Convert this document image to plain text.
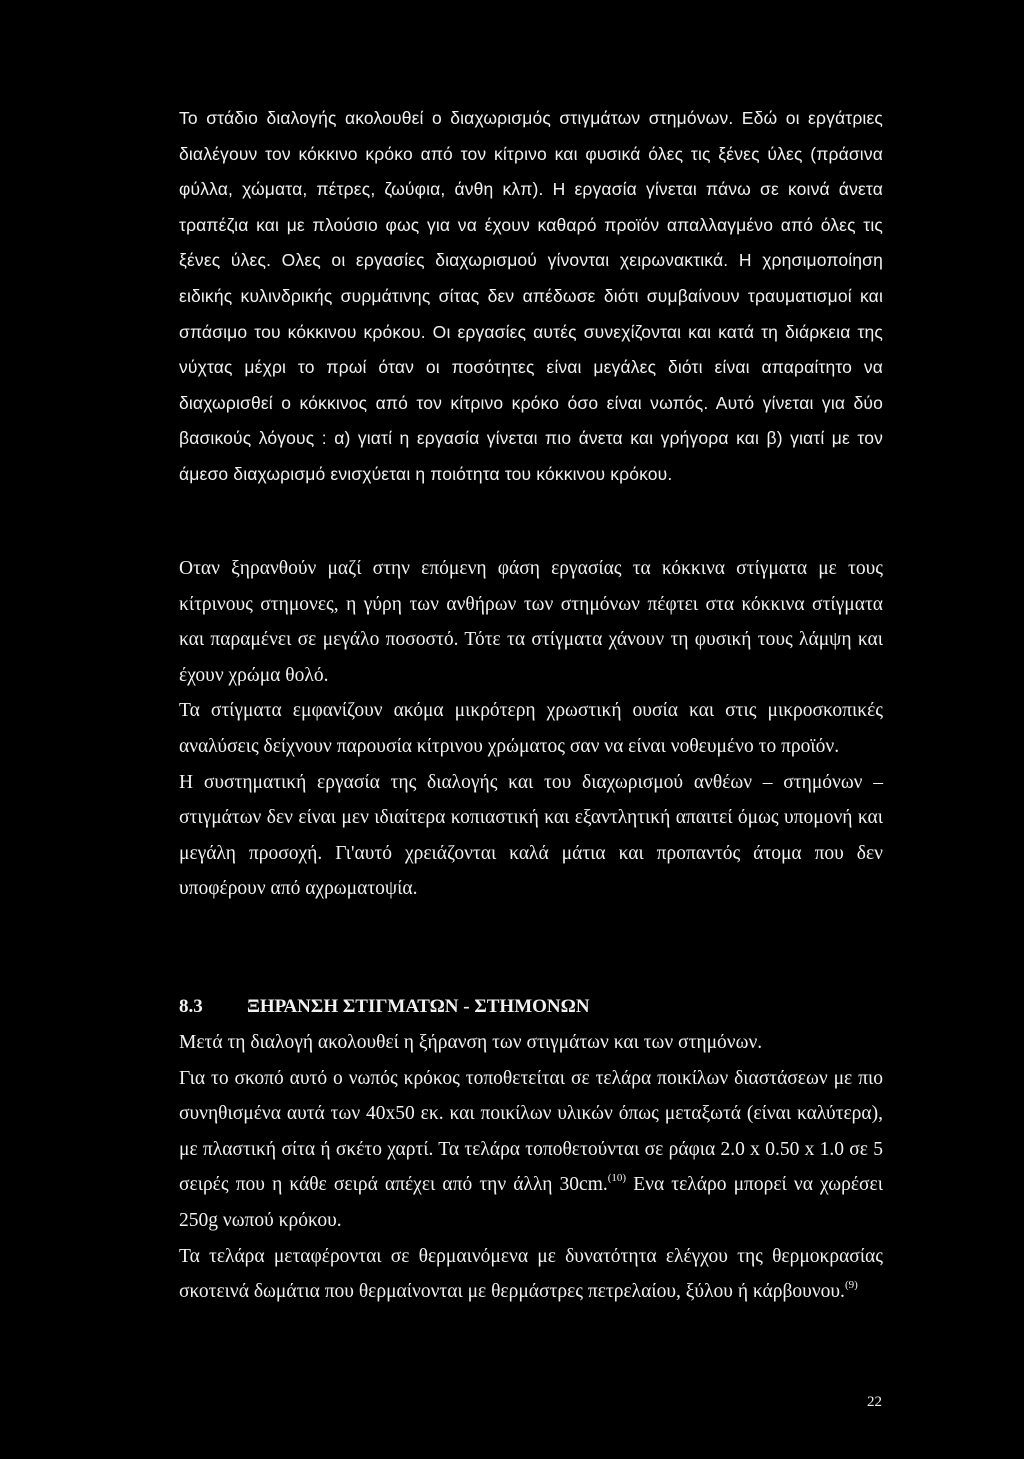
Το στάδιο διαλογής ακολουθεί ο διαχωρισμός στιγμάτων στημόνων. Εδώ οι εργάτριες διαλέγουν τον κόκκινο κρόκο από τον κίτρινο και φυσικά όλες τις ξένες ύλες (πράσινα φύλλα, χώματα, πέτρες, ζωύφια, άνθη κλπ). Η εργασία γίνεται πάνω σε κοινά άνετα τραπέζια και με πλούσιο φως για να έχουν καθαρό προϊόν απαλλαγμένο από όλες τις ξένες ύλες. Ολες οι εργασίες διαχωρισμού γίνονται χειρωνακτικά. Η χρησιμοποίηση ειδικής κυλινδρικής συρμάτινης σίτας δεν απέδωσε διότι συμβαίνουν τραυματισμοί και σπάσιμο του κόκκινου κρόκου. Οι εργασίες αυτές συνεχίζονται και κατά τη διάρκεια της νύχτας μέχρι το πρωί όταν οι ποσότητες είναι μεγάλες διότι είναι απαραίτητο να διαχωρισθεί ο κόκκινος από τον κίτρινο κρόκο όσο είναι νωπός. Αυτό γίνεται για δύο βασικούς λόγους : α) γιατί η εργασία γίνεται πιο άνετα και γρήγορα και β) γιατί με τον άμεσο διαχωρισμό ενισχύεται η ποιότητα του κόκκινου κρόκου.

Οταν ξηρανθούν μαζί στην επόμενη φάση εργασίας τα κόκκινα στίγματα με τους κίτρινους στημονες, η γύρη των ανθήρων των στημόνων πέφτει στα κόκκινα στίγματα και παραμένει σε μεγάλο ποσοστό. Τότε τα στίγματα χάνουν τη φυσική τους λάμψη και έχουν χρώμα θολό.

Τα στίγματα εμφανίζουν ακόμα μικρότερη χρωστική ουσία και στις μικροσκοπικές αναλύσεις δείχνουν παρουσία κίτρινου χρώματος σαν να είναι νοθευμένο το προϊόν.

Η συστηματική εργασία της διαλογής και του διαχωρισμού ανθέων – στημόνων – στιγμάτων δεν είναι μεν ιδιαίτερα κοπιαστική και εξαντλητική απαιτεί όμως υπομονή και μεγάλη προσοχή. Γι'αυτό χρειάζονται καλά μάτια και προπαντός άτομα που δεν υποφέρουν από αχρωματοψία.

8.3 ΞΗΡΑΝΣΗ ΣΤΙΓΜΑΤΩΝ - ΣΤΗΜΟΝΩΝ

Μετά τη διαλογή ακολουθεί η ξήρανση των στιγμάτων και των στημόνων.

Για το σκοπό αυτό ο νωπός κρόκος τοποθετείται σε τελάρα ποικίλων διαστάσεων με πιο συνηθισμένα αυτά των 40x50 εκ. και ποικίλων υλικών όπως μεταξωτά (είναι καλύτερα), με πλαστική σίτα ή σκέτο χαρτί. Τα τελάρα τοποθετούνται σε ράφια 2.0 x 0.50 x 1.0 σε 5 σειρές που η κάθε σειρά απέχει από την άλλη 30cm.$^{(10)}$ Ενα τελάρο μπορεί να χωρέσει 250g νωπού κρόκου.

Τα τελάρα μεταφέρονται σε θερμαινόμενα με δυνατότητα ελέγχου της θερμοκρασίας σκοτεινά δωμάτια που θερμαίνονται με θερμάστρες πετρελαίου, ξύλου ή κάρβουνου.$^{(9)}$

22
